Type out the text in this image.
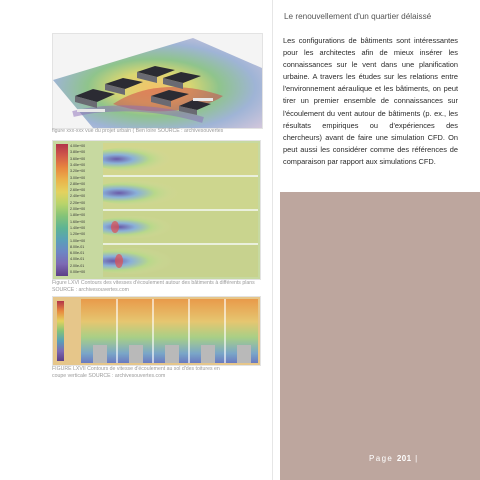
Le renouvellement d'un quartier délaissé
Les configurations de bâtiments sont intéressantes pour les architectes afin de mieux insérer les connaissances sur le vent dans une planification urbaine. A travers les études sur les relations entre l'environnement aéraulique et les bâtiments, on peut tirer un premier ensemble de connaissances sur l'écoulement du vent autour de bâtiments (p. ex., les résultats empiriques ou d'expériences des chercheurs) avant de faire une simulation CFD. On peut aussi les considérer comme des références de comparaison par rapport aux simulations CFD.
Page 201 |
figure xxx-xxx vue du projet urbain ( Ben loire SOURCE : archivesouvertes
4.00e+00
3.80e+00
3.60e+00
3.40e+00
3.20e+00
3.00e+00
2.80e+00
2.60e+00
2.40e+00
2.20e+00
2.00e+00
1.80e+00
1.60e+00
1.40e+00
1.20e+00
1.00e+00
8.00e-01
6.00e-01
4.00e-01
2.00e-01
0.00e+00
Figure LXVI Contours des vitesses d'écoulement autour des bâtiments à différents plans SOURCE : archivesouvertes.com
FIGURE LXVII Contours de vitesse d'écoulement au sol d'des toitures en coupe verticale SOURCE : archivesouvertes.com
